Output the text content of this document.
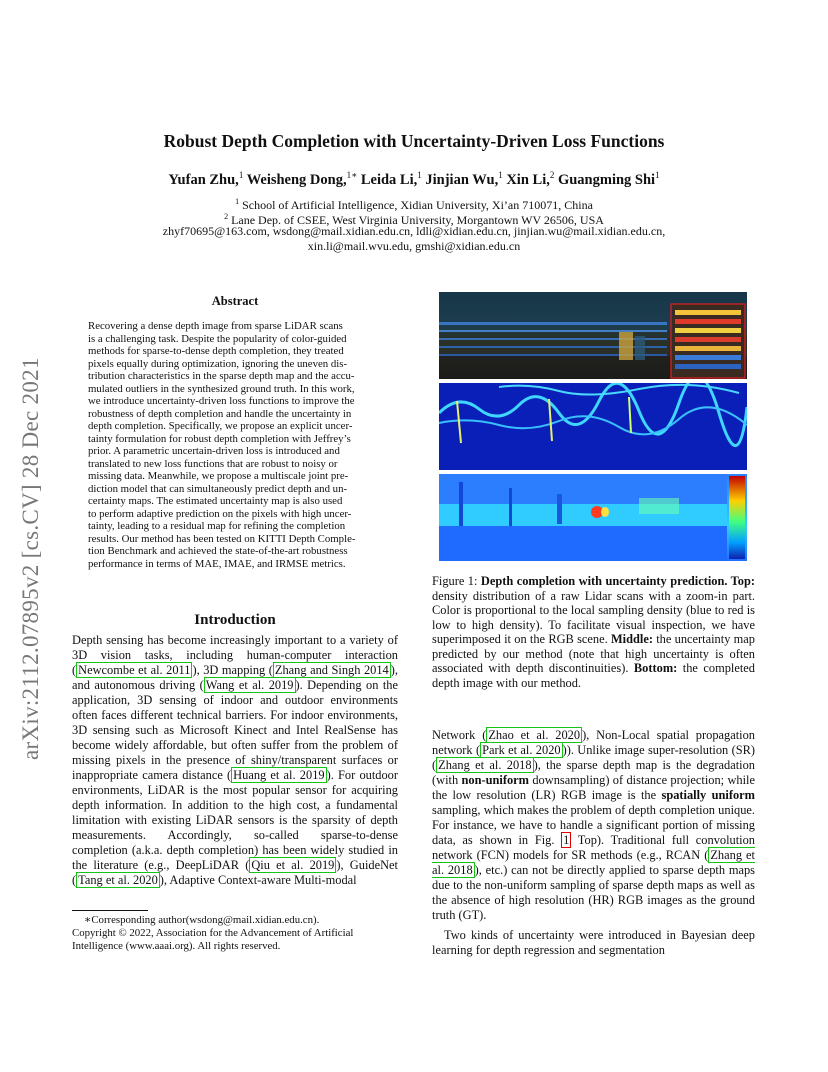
Robust Depth Completion with Uncertainty-Driven Loss Functions
Yufan Zhu,$^1$ Weisheng Dong,$^{1∗}$ Leida Li,$^1$ Jinjian Wu,$^1$ Xin Li,$^2$ Guangming Shi$^1$
$^1$ School of Artificial Intelligence, Xidian University, Xi’an 710071, China
$^2$ Lane Dep. of CSEE, West Virginia University, Morgantown WV 26506, USA
zhyf70695@163.com, wsdong@mail.xidian.edu.cn, ldli@xidian.edu.cn, jinjian.wu@mail.xidian.edu.cn,
xin.li@mail.wvu.edu, gmshi@xidian.edu.cn
arXiv:2112.07895v2 [cs.CV] 28 Dec 2021
Abstract
Recovering a dense depth image from sparse LiDAR scans
is a challenging task. Despite the popularity of color-guided
methods for sparse-to-dense depth completion, they treated
pixels equally during optimization, ignoring the uneven dis-
tribution characteristics in the sparse depth map and the accu-
mulated outliers in the synthesized ground truth. In this work,
we introduce uncertainty-driven loss functions to improve the
robustness of depth completion and handle the uncertainty in
depth completion. Specifically, we propose an explicit uncer-
tainty formulation for robust depth completion with Jeffrey’s
prior. A parametric uncertain-driven loss is introduced and
translated to new loss functions that are robust to noisy or
missing data. Meanwhile, we propose a multiscale joint pre-
diction model that can simultaneously predict depth and un-
certainty maps. The estimated uncertainty map is also used
to perform adaptive prediction on the pixels with high uncer-
tainty, leading to a residual map for refining the completion
results. Our method has been tested on KITTI Depth Comple-
tion Benchmark and achieved the state-of-the-art robustness
performance in terms of MAE, IMAE, and IRMSE metrics.
Introduction

Depth sensing has become increasingly important to a variety of 3D vision tasks, including human-computer interaction ( Newcombe et al. 2011 ), 3D mapping ( Zhang and Singh 2014 ), and autonomous driving ( Wang et al. 2019 ). Depending on the application, 3D sensing of indoor and outdoor environments often faces different technical barriers. For indoor environments, 3D sensing such as Microsoft Kinect and Intel RealSense has become widely affordable, but often suffer from the problem of missing pixels in the presence of shiny/transparent surfaces or inappropriate camera distance ( Huang et al. 2019 ). For outdoor environments, LiDAR is the most popular sensor for acquiring depth information. In addition to the high cost, a fundamental limitation with existing LiDAR sensors is the sparsity of depth measurements. Accordingly, so-called sparse-to-dense completion (a.k.a. depth completion) has been widely studied in the literature (e.g., DeepLiDAR ( Qiu et al. 2019 ), GuideNet ( Tang et al. 2020 ), Adaptive Context-aware Multi-modal

∗Corresponding author(wsdong@mail.xidian.edu.cn).
Copyright © 2022, Association for the Advancement of Artificial Intelligence (www.aaai.org). All rights reserved.
Figure 1: Depth completion with uncertainty prediction. Top: density distribution of a raw Lidar scans with a zoom-in part. Color is proportional to the local sampling density (blue to red is low to high density). To facilitate visual inspection, we have superimposed it on the RGB scene. Middle: the uncertainty map predicted by our method (note that high uncertainty is often associated with depth discontinuities). Bottom: the completed depth image with our method.

Network ( Zhao et al. 2020 ), Non-Local spatial propagation network ( Park et al. 2020 )). Unlike image super-resolution (SR) ( Zhang et al. 2018 ), the sparse depth map is the degradation (with non-uniform downsampling) of distance projection; while the low resolution (LR) RGB image is the spatially uniform sampling, which makes the problem of depth completion unique. For instance, we have to handle a significant portion of missing data, as shown in Fig. 1 Top). Traditional full convolution network (FCN) models for SR methods (e.g., RCAN ( Zhang et al. 2018 ), etc.) can not be directly applied to sparse depth maps due to the non-uniform sampling of sparse depth maps as well as the absence of high resolution (HR) RGB images as the ground truth (GT).

Two kinds of uncertainty were introduced in Bayesian deep learning for depth regression and segmentation
